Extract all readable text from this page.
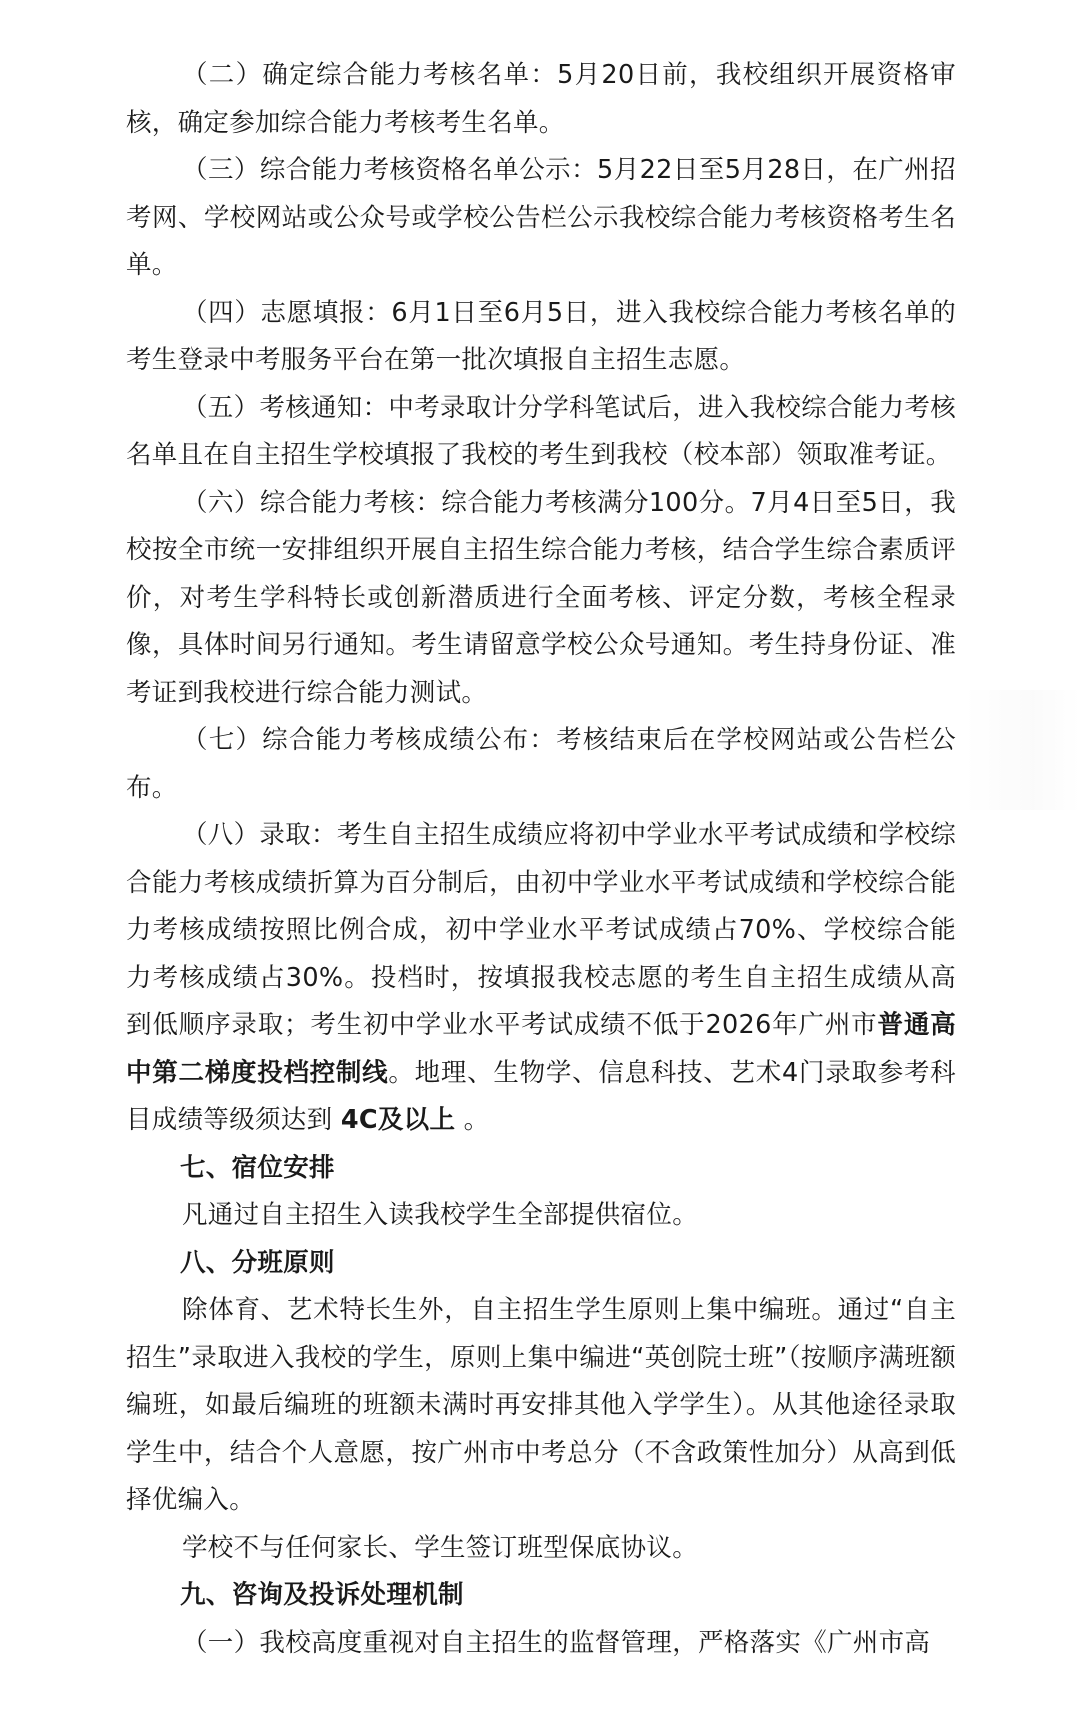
（二）确定综合能力考核名单：5月20日前，我校组织开展资格审核，确定参加综合能力考核考生名单。

（三）综合能力考核资格名单公示：5月22日至5月28日，在广州招考网、学校网站或公众号或学校公告栏公示我校综合能力考核资格考生名单。

（四）志愿填报：6月1日至6月5日，进入我校综合能力考核名单的考生登录中考服务平台在第一批次填报自主招生志愿。

（五）考核通知：中考录取计分学科笔试后，进入我校综合能力考核名单且在自主招生学校填报了我校的考生到我校（校本部）领取准考证。

（六）综合能力考核：综合能力考核满分100分。7月4日至5日，我校按全市统一安排组织开展自主招生综合能力考核，结合学生综合素质评价，对考生学科特长或创新潜质进行全面考核、评定分数，考核全程录像，具体时间另行通知。考生请留意学校公众号通知。考生持身份证、准考证到我校进行综合能力测试。

（七）综合能力考核成绩公布：考核结束后在学校网站或公告栏公布。

（八）录取：考生自主招生成绩应将初中学业水平考试成绩和学校综合能力考核成绩折算为百分制后，由初中学业水平考试成绩和学校综合能力考核成绩按照比例合成，初中学业水平考试成绩占70%、学校综合能力考核成绩占30%。投档时，按填报我校志愿的考生自主招生成绩从高到低顺序录取；考生初中学业水平考试成绩不低于2026年广州市普通高中第二梯度投档控制线。地理、生物学、信息科技、艺术4门录取参考科目成绩等级须达到 4C及以上 。

七、宿位安排

凡通过自主招生入读我校学生全部提供宿位。

八、分班原则

除体育、艺术特长生外，自主招生学生原则上集中编班。通过“自主招生”录取进入我校的学生，原则上集中编进“英创院士班”（按顺序满班额编班，如最后编班的班额未满时再安排其他入学学生）。从其他途径录取学生中，结合个人意愿，按广州市中考总分（不含政策性加分）从高到低择优编入。

学校不与任何家长、学生签订班型保底协议。

九、咨询及投诉处理机制

（一）我校高度重视对自主招生的监督管理，严格落实《广州市高
